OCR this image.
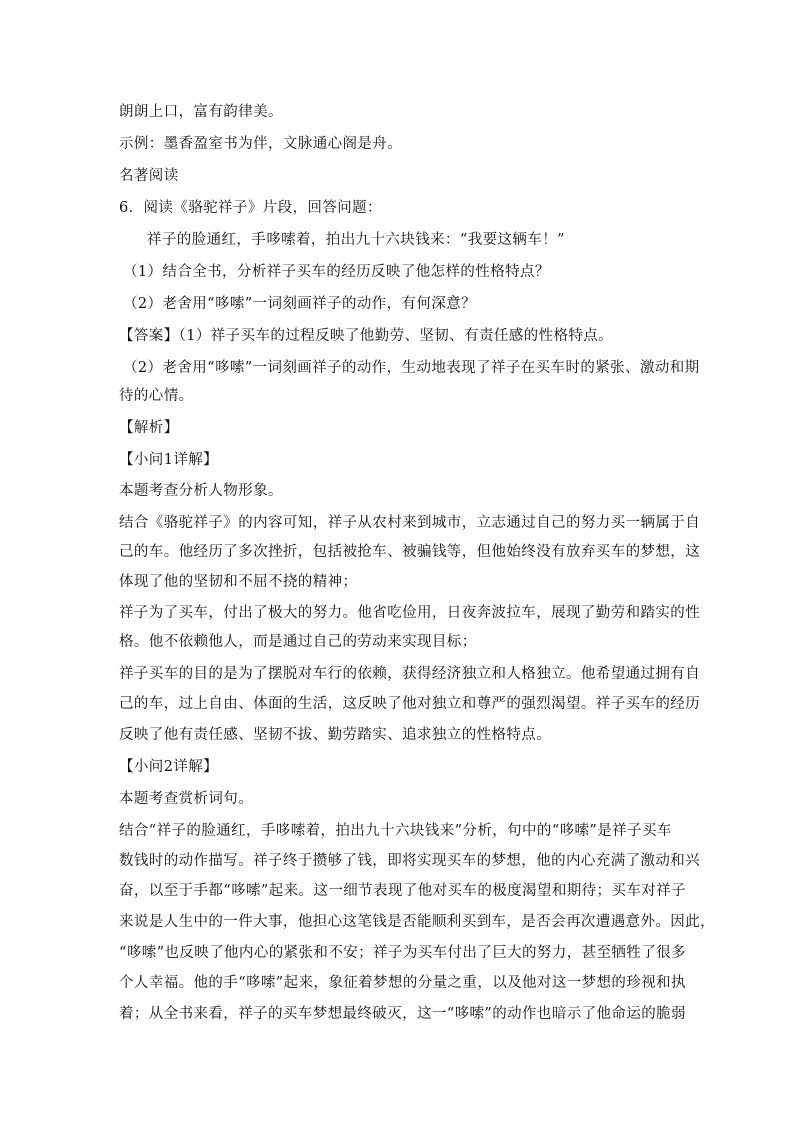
朗朗上口，富有韵律美。
示例：墨香盈室书为伴，文脉通心阁是舟。
名著阅读
6．阅读《骆驼祥子》片段，回答问题：
祥子的脸通红，手哆嗦着，拍出九十六块钱来：“我要这辆车！”
（1）结合全书，分析祥子买车的经历反映了他怎样的性格特点？
（2）老舍用“哆嗦”一词刻画祥子的动作，有何深意？
【答案】（1）祥子买车的过程反映了他勤劳、坚韧、有责任感的性格特点。
（2）老舍用“哆嗦”一词刻画祥子的动作，生动地表现了祥子在买车时的紧张、激动和期
待的心情。
【解析】
【小问1详解】
本题考查分析人物形象。
结合《骆驼祥子》的内容可知，祥子从农村来到城市，立志通过自己的努力买一辆属于自
己的车。他经历了多次挫折，包括被抢车、被骗钱等，但他始终没有放弃买车的梦想，这
体现了他的坚韧和不屈不挠的精神；
祥子为了买车，付出了极大的努力。他省吃俭用，日夜奔波拉车，展现了勤劳和踏实的性
格。他不依赖他人，而是通过自己的劳动来实现目标；
祥子买车的目的是为了摆脱对车行的依赖，获得经济独立和人格独立。他希望通过拥有自
己的车，过上自由、体面的生活，这反映了他对独立和尊严的强烈渴望。祥子买车的经历
反映了他有责任感、坚韧不拔、勤劳踏实、追求独立的性格特点。
【小问2详解】
本题考查赏析词句。
结合“祥子的脸通红，手哆嗦着，拍出九十六块钱来”分析，句中的“哆嗦”是祥子买车
数钱时的动作描写。祥子终于攒够了钱，即将实现买车的梦想，他的内心充满了激动和兴
奋，以至于手都“哆嗦”起来。这一细节表现了他对买车的极度渴望和期待；买车对祥子
来说是人生中的一件大事，他担心这笔钱是否能顺利买到车，是否会再次遭遇意外。因此，
“哆嗦”也反映了他内心的紧张和不安；祥子为买车付出了巨大的努力，甚至牺牲了很多
个人幸福。他的手“哆嗦”起来，象征着梦想的分量之重，以及他对这一梦想的珍视和执
着；从全书来看，祥子的买车梦想最终破灭，这一“哆嗦”的动作也暗示了他命运的脆弱
